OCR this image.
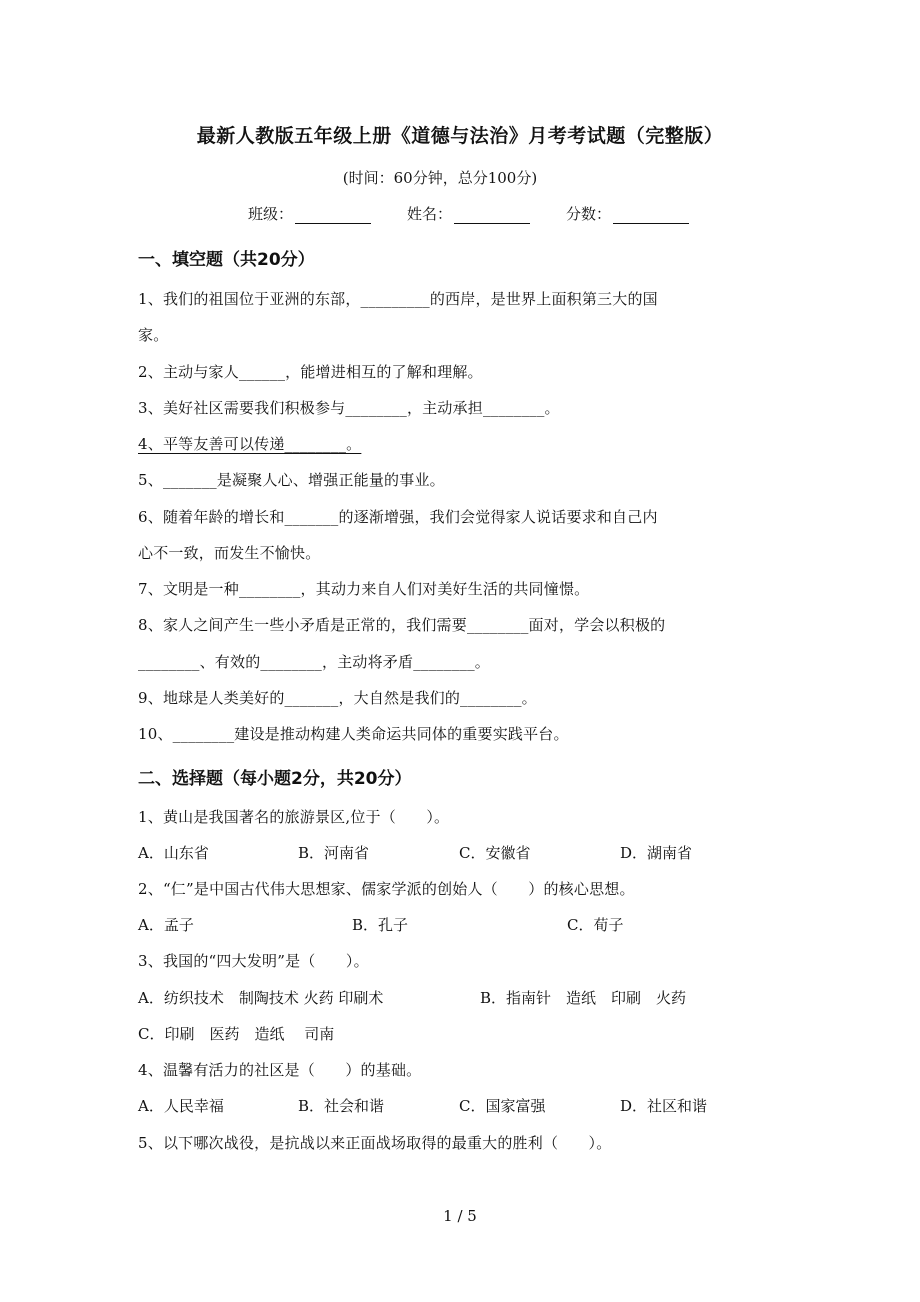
最新人教版五年级上册《道德与法治》月考考试题（完整版）
(时间：60分钟，总分100分)
班级：	姓名：	分数：
一、填空题（共20分）
1、我们的祖国位于亚洲的东部，_________的西岸，是世界上面积第三大的国
家。
2、主动与家人______，能增进相互的了解和理解。
3、美好社区需要我们积极参与________，主动承担________。
4、平等友善可以传递________。
5、_______是凝聚人心、增强正能量的事业。
6、随着年龄的增长和_______的逐渐增强，我们会觉得家人说话要求和自己内
心不一致，而发生不愉快。
7、文明是一种________，其动力来自人们对美好生活的共同憧憬。
8、家人之间产生一些小矛盾是正常的，我们需要________面对，学会以积极的
________、有效的________，主动将矛盾________。
9、地球是人类美好的_______，大自然是我们的________。
10、________建设是推动构建人类命运共同体的重要实践平台。
二、选择题（每小题2分，共20分）
1、黄山是我国著名的旅游景区,位于（　　）。
A．山东省	B．河南省	C．安徽省	D．湖南省
2、“仁”是中国古代伟大思想家、儒家学派的创始人（　　）的核心思想。
A．孟子	B．孔子	C．荀子
3、我国的“四大发明”是（　　）。
A．纺织技术　制陶技术 火药 印刷术	B．指南针　造纸　印刷　火药
C．印刷　医药　造纸　 司南
4、温馨有活力的社区是（　　）的基础。
A．人民幸福	B．社会和谐	C．国家富强	D．社区和谐
5、以下哪次战役，是抗战以来正面战场取得的最重大的胜利（　　）。
1 / 5
